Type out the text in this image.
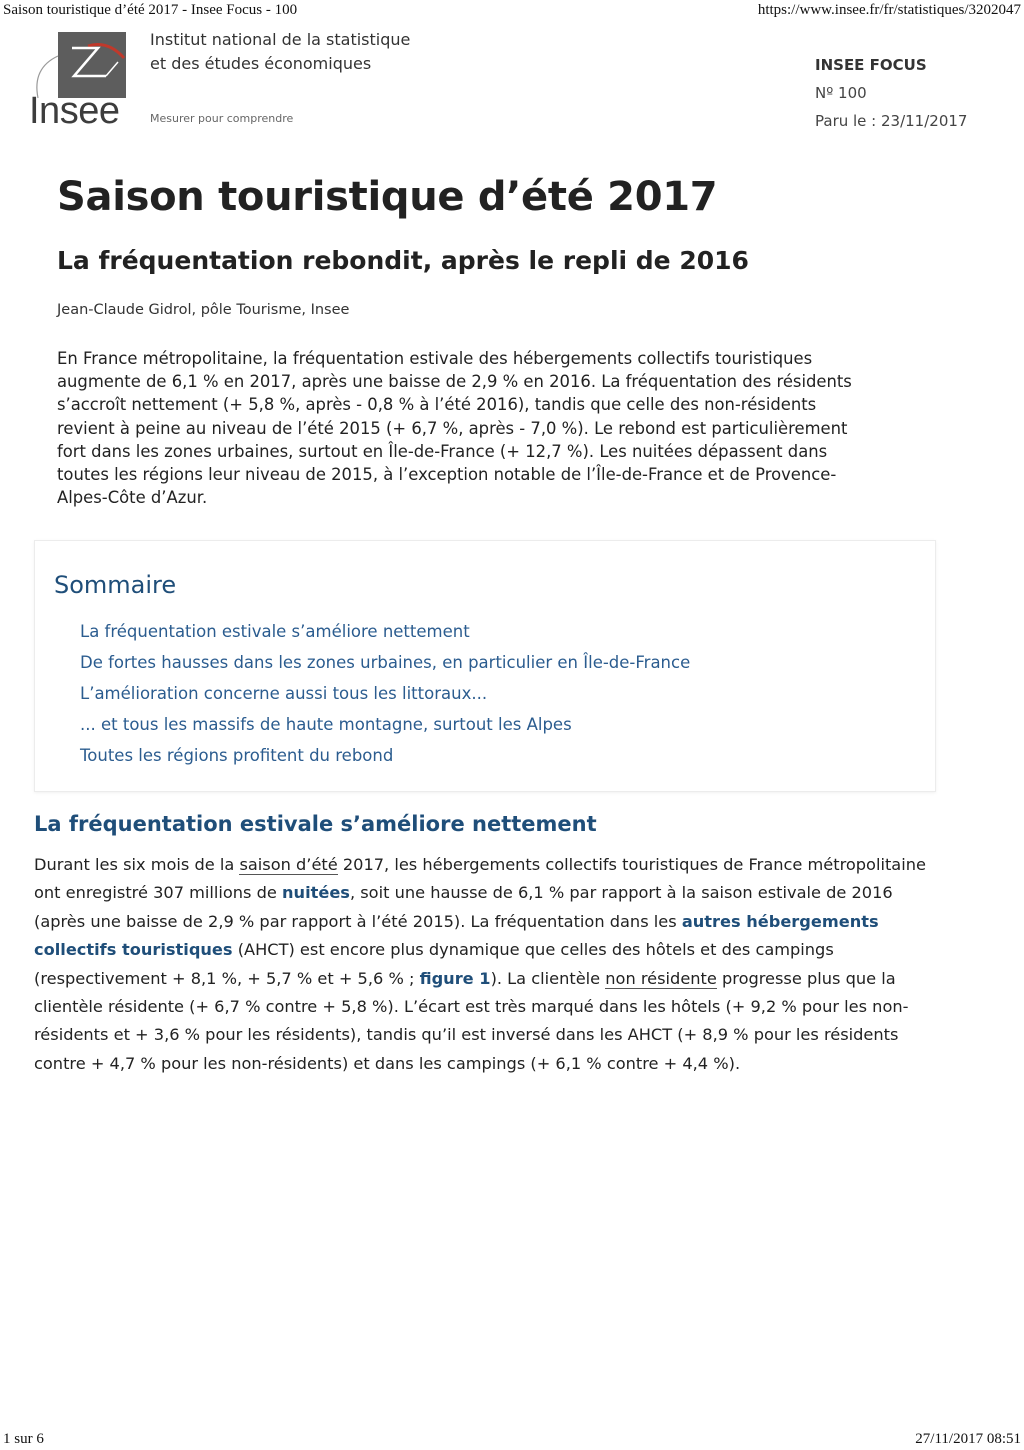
Saison touristique d’été 2017 - Insee Focus - 100	https://www.insee.fr/fr/statistiques/3202047
Insee
Institut national de la statistique
et des études économiques
Mesurer pour comprendre
INSEE FOCUS
Nº 100
Paru le : 23/11/2017
Saison touristique d’été 2017
La fréquentation rebondit, après le repli de 2016
Jean-Claude Gidrol, pôle Tourisme, Insee

En France métropolitaine, la fréquentation estivale des hébergements collectifs touristiques augmente de 6,1 % en 2017, après une baisse de 2,9 % en 2016. La fréquentation des résidents s’accroît nettement (+ 5,8 %, après - 0,8 % à l’été 2016), tandis que celle des non-résidents revient à peine au niveau de l’été 2015 (+ 6,7 %, après - 7,0 %). Le rebond est particulièrement fort dans les zones urbaines, surtout en Île-de-France (+ 12,7 %). Les nuitées dépassent dans toutes les régions leur niveau de 2015, à l’exception notable de l’Île-de-France et de Provence-Alpes-Côte d’Azur.

Sommaire
La fréquentation estivale s’améliore nettement
De fortes hausses dans les zones urbaines, en particulier en Île-de-France
L’amélioration concerne aussi tous les littoraux...
... et tous les massifs de haute montagne, surtout les Alpes
Toutes les régions profitent du rebond
La fréquentation estivale s’améliore nettement

Durant les six mois de la saison d’été 2017, les hébergements collectifs touristiques de France métropolitaine ont enregistré 307 millions de nuitées, soit une hausse de 6,1 % par rapport à la saison estivale de 2016 (après une baisse de 2,9 % par rapport à l’été 2015). La fréquentation dans les autres hébergements collectifs touristiques (AHCT) est encore plus dynamique que celles des hôtels et des campings (respectivement + 8,1 %, + 5,7 % et + 5,6 % ; figure 1). La clientèle non résidente progresse plus que la clientèle résidente (+ 6,7 % contre + 5,8 %). L’écart est très marqué dans les hôtels (+ 9,2 % pour les non-résidents et + 3,6 % pour les résidents), tandis qu’il est inversé dans les AHCT (+ 8,9 % pour les résidents contre + 4,7 % pour les non-résidents) et dans les campings (+ 6,1 % contre + 4,4 %).

1 sur 6	27/11/2017 08:51
